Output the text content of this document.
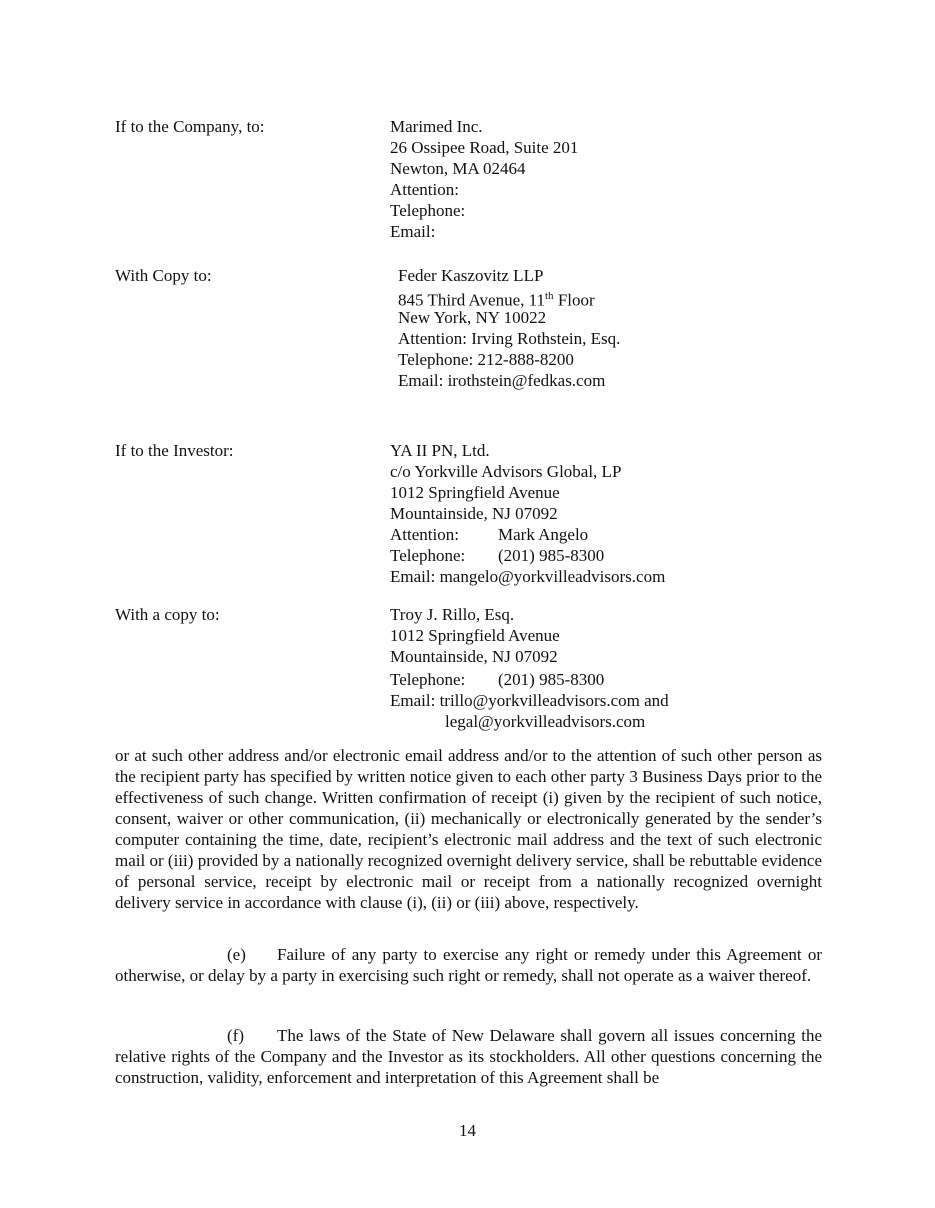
If to the Company, to:	Marimed Inc.
26 Ossipee Road, Suite 201
Newton, MA 02464
Attention:
Telephone:
Email:
With Copy to:	Feder Kaszovitz LLP
845 Third Avenue, 11th Floor
New York, NY 10022
Attention: Irving Rothstein, Esq.
Telephone: 212-888-8200
Email: irothstein@fedkas.com
If to the Investor:	YA II PN, Ltd.
c/o Yorkville Advisors Global, LP
1012 Springfield Avenue
Mountainside, NJ 07092
Attention: Mark Angelo
Telephone: (201) 985-8300
Email: mangelo@yorkvilleadvisors.com
With a copy to:	Troy J. Rillo, Esq.
1012 Springfield Avenue
Mountainside, NJ 07092
Telephone: (201) 985-8300
Email: trillo@yorkvilleadvisors.com and
legal@yorkvilleadvisors.com
or at such other address and/or electronic email address and/or to the attention of such other person as the recipient party has specified by written notice given to each other party 3 Business Days prior to the effectiveness of such change. Written confirmation of receipt (i) given by the recipient of such notice, consent, waiver or other communication, (ii) mechanically or electronically generated by the sender’s computer containing the time, date, recipient’s electronic mail address and the text of such electronic mail or (iii) provided by a nationally recognized overnight delivery service, shall be rebuttable evidence of personal service, receipt by electronic mail or receipt from a nationally recognized overnight delivery service in accordance with clause (i), (ii) or (iii) above, respectively.
(e) Failure of any party to exercise any right or remedy under this Agreement or otherwise, or delay by a party in exercising such right or remedy, shall not operate as a waiver thereof.
(f) The laws of the State of New Delaware shall govern all issues concerning the relative rights of the Company and the Investor as its stockholders. All other questions concerning the construction, validity, enforcement and interpretation of this Agreement shall be
14
